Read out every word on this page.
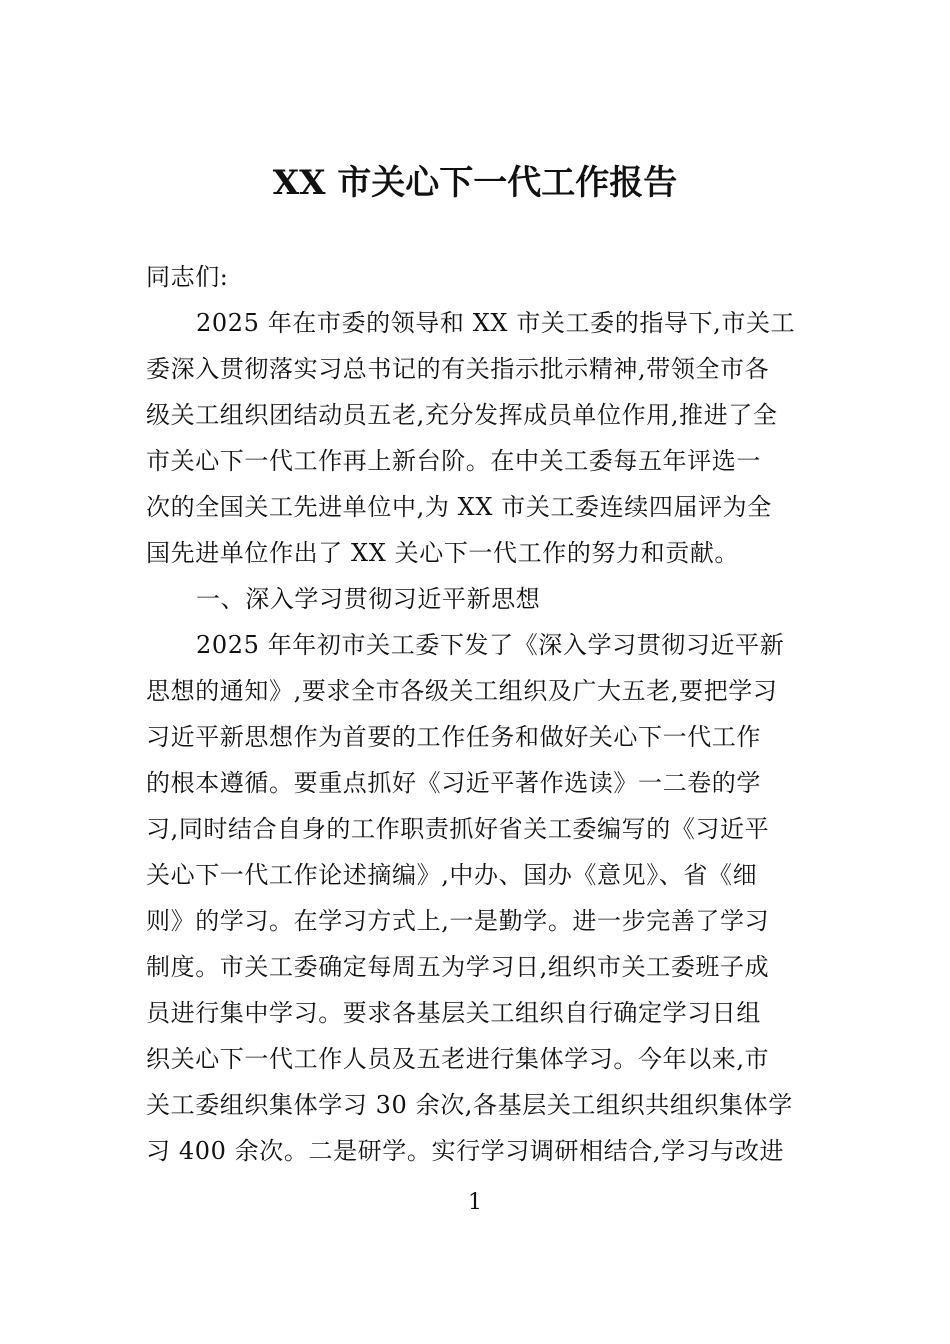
XX 市关心下一代工作报告
同志们:
2025 年在市委的领导和 XX 市关工委的指导下,市关工
委深入贯彻落实习总书记的有关指示批示精神,带领全市各
级关工组织团结动员五老,充分发挥成员单位作用,推进了全
市关心下一代工作再上新台阶。在中关工委每五年评选一
次的全国关工先进单位中,为 XX 市关工委连续四届评为全
国先进单位作出了 XX 关心下一代工作的努力和贡献。
一、深入学习贯彻习近平新思想
2025 年年初市关工委下发了《深入学习贯彻习近平新
思想的通知》,要求全市各级关工组织及广大五老,要把学习
习近平新思想作为首要的工作任务和做好关心下一代工作
的根本遵循。要重点抓好《习近平著作选读》一二卷的学
习,同时结合自身的工作职责抓好省关工委编写的《习近平
关心下一代工作论述摘编》,中办、国办《意见》、省《细
则》的学习。在学习方式上,一是勤学。进一步完善了学习
制度。市关工委确定每周五为学习日,组织市关工委班子成
员进行集中学习。要求各基层关工组织自行确定学习日组
织关心下一代工作人员及五老进行集体学习。今年以来,市
关工委组织集体学习 30 余次,各基层关工组织共组织集体学
习 400 余次。二是研学。实行学习调研相结合,学习与改进
1
